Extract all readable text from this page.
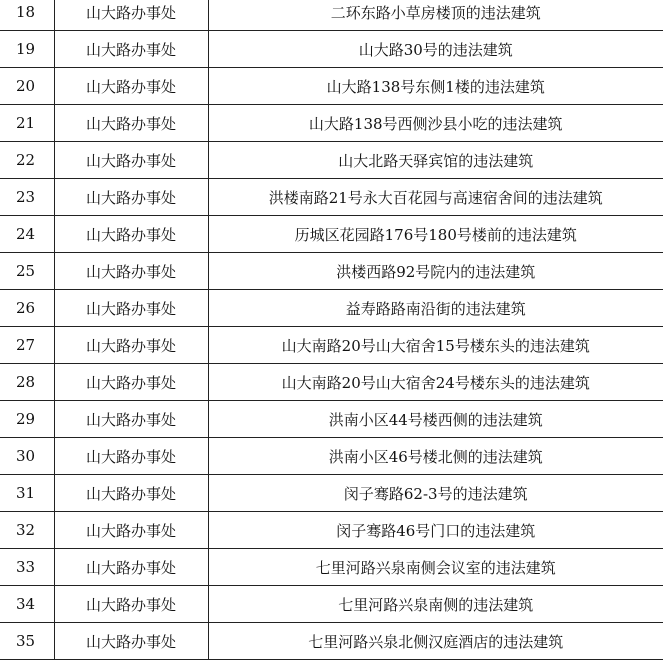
18	山大路办事处	二环东路小草房楼顶的违法建筑
19	山大路办事处	山大路30号的违法建筑
20	山大路办事处	山大路138号东侧1楼的违法建筑
21	山大路办事处	山大路138号西侧沙县小吃的违法建筑
22	山大路办事处	山大北路天驿宾馆的违法建筑
23	山大路办事处	洪楼南路21号永大百花园与高速宿舍间的违法建筑
24	山大路办事处	历城区花园路176号180号楼前的违法建筑
25	山大路办事处	洪楼西路92号院内的违法建筑
26	山大路办事处	益寿路路南沿街的违法建筑
27	山大路办事处	山大南路20号山大宿舍15号楼东头的违法建筑
28	山大路办事处	山大南路20号山大宿舍24号楼东头的违法建筑
29	山大路办事处	洪南小区44号楼西侧的违法建筑
30	山大路办事处	洪南小区46号楼北侧的违法建筑
31	山大路办事处	闵子骞路62-3号的违法建筑
32	山大路办事处	闵子骞路46号门口的违法建筑
33	山大路办事处	七里河路兴泉南侧会议室的违法建筑
34	山大路办事处	七里河路兴泉南侧的违法建筑
35	山大路办事处	七里河路兴泉北侧汉庭酒店的违法建筑
